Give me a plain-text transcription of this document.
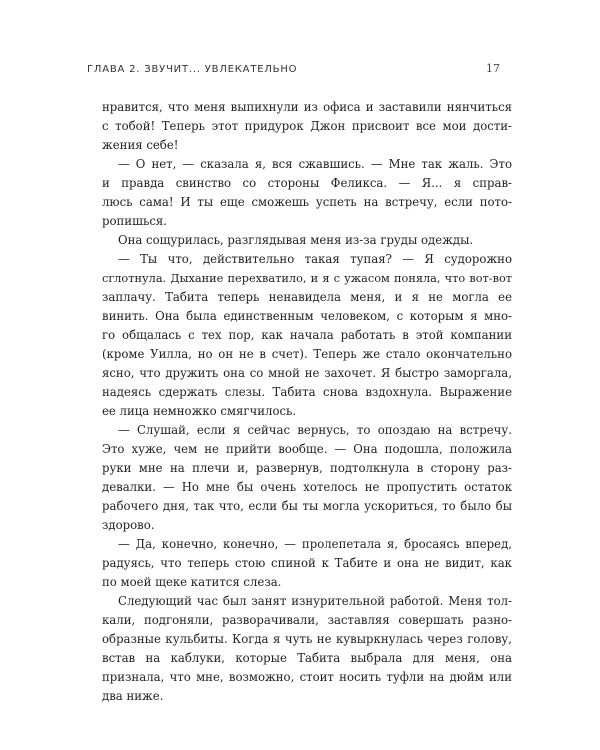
ГЛАВА 2. ЗВУЧИТ... УВЛЕКАТЕЛЬНО	17
нравится, что меня выпихнули из офиса и заставили нянчиться
с тобой! Теперь этот придурок Джон присвоит все мои дости-
жения себе!
— О нет, — сказала я, вся сжавшись. — Мне так жаль. Это
и правда свинство со стороны Феликса. — Я... я справ-
люсь сама! И ты еще сможешь успеть на встречу, если пото-
ропишься.
Она сощурилась, разглядывая меня из-за груды одежды.
— Ты что, действительно такая тупая? — Я судорожно
сглотнула. Дыхание перехватило, и я с ужасом поняла, что вот-вот
заплачу. Табита теперь ненавидела меня, и я не могла ее
винить. Она была единственным человеком, с которым я мно-
го общалась с тех пор, как начала работать в этой компании
(кроме Уилла, но он не в счет). Теперь же стало окончательно
ясно, что дружить она со мной не захочет. Я быстро заморгала,
надеясь сдержать слезы. Табита снова вздохнула. Выражение
ее лица немножко смягчилось.
— Слушай, если я сейчас вернусь, то опоздаю на встречу.
Это хуже, чем не прийти вообще. — Она подошла, положила
руки мне на плечи и, развернув, подтолкнула в сторону раз-
девалки. — Но мне бы очень хотелось не пропустить остаток
рабочего дня, так что, если бы ты могла ускориться, то было бы
здорово.
— Да, конечно, конечно, — пролепетала я, бросаясь вперед,
радуясь, что теперь стою спиной к Табите и она не видит, как
по моей щеке катится слеза.
Следующий час был занят изнурительной работой. Меня тол-
кали, подгоняли, разворачивали, заставляя совершать разно-
образные кульбиты. Когда я чуть не кувыркнулась через голову,
встав на каблуки, которые Табита выбрала для меня, она
признала, что мне, возможно, стоит носить туфли на дюйм или
два ниже.
